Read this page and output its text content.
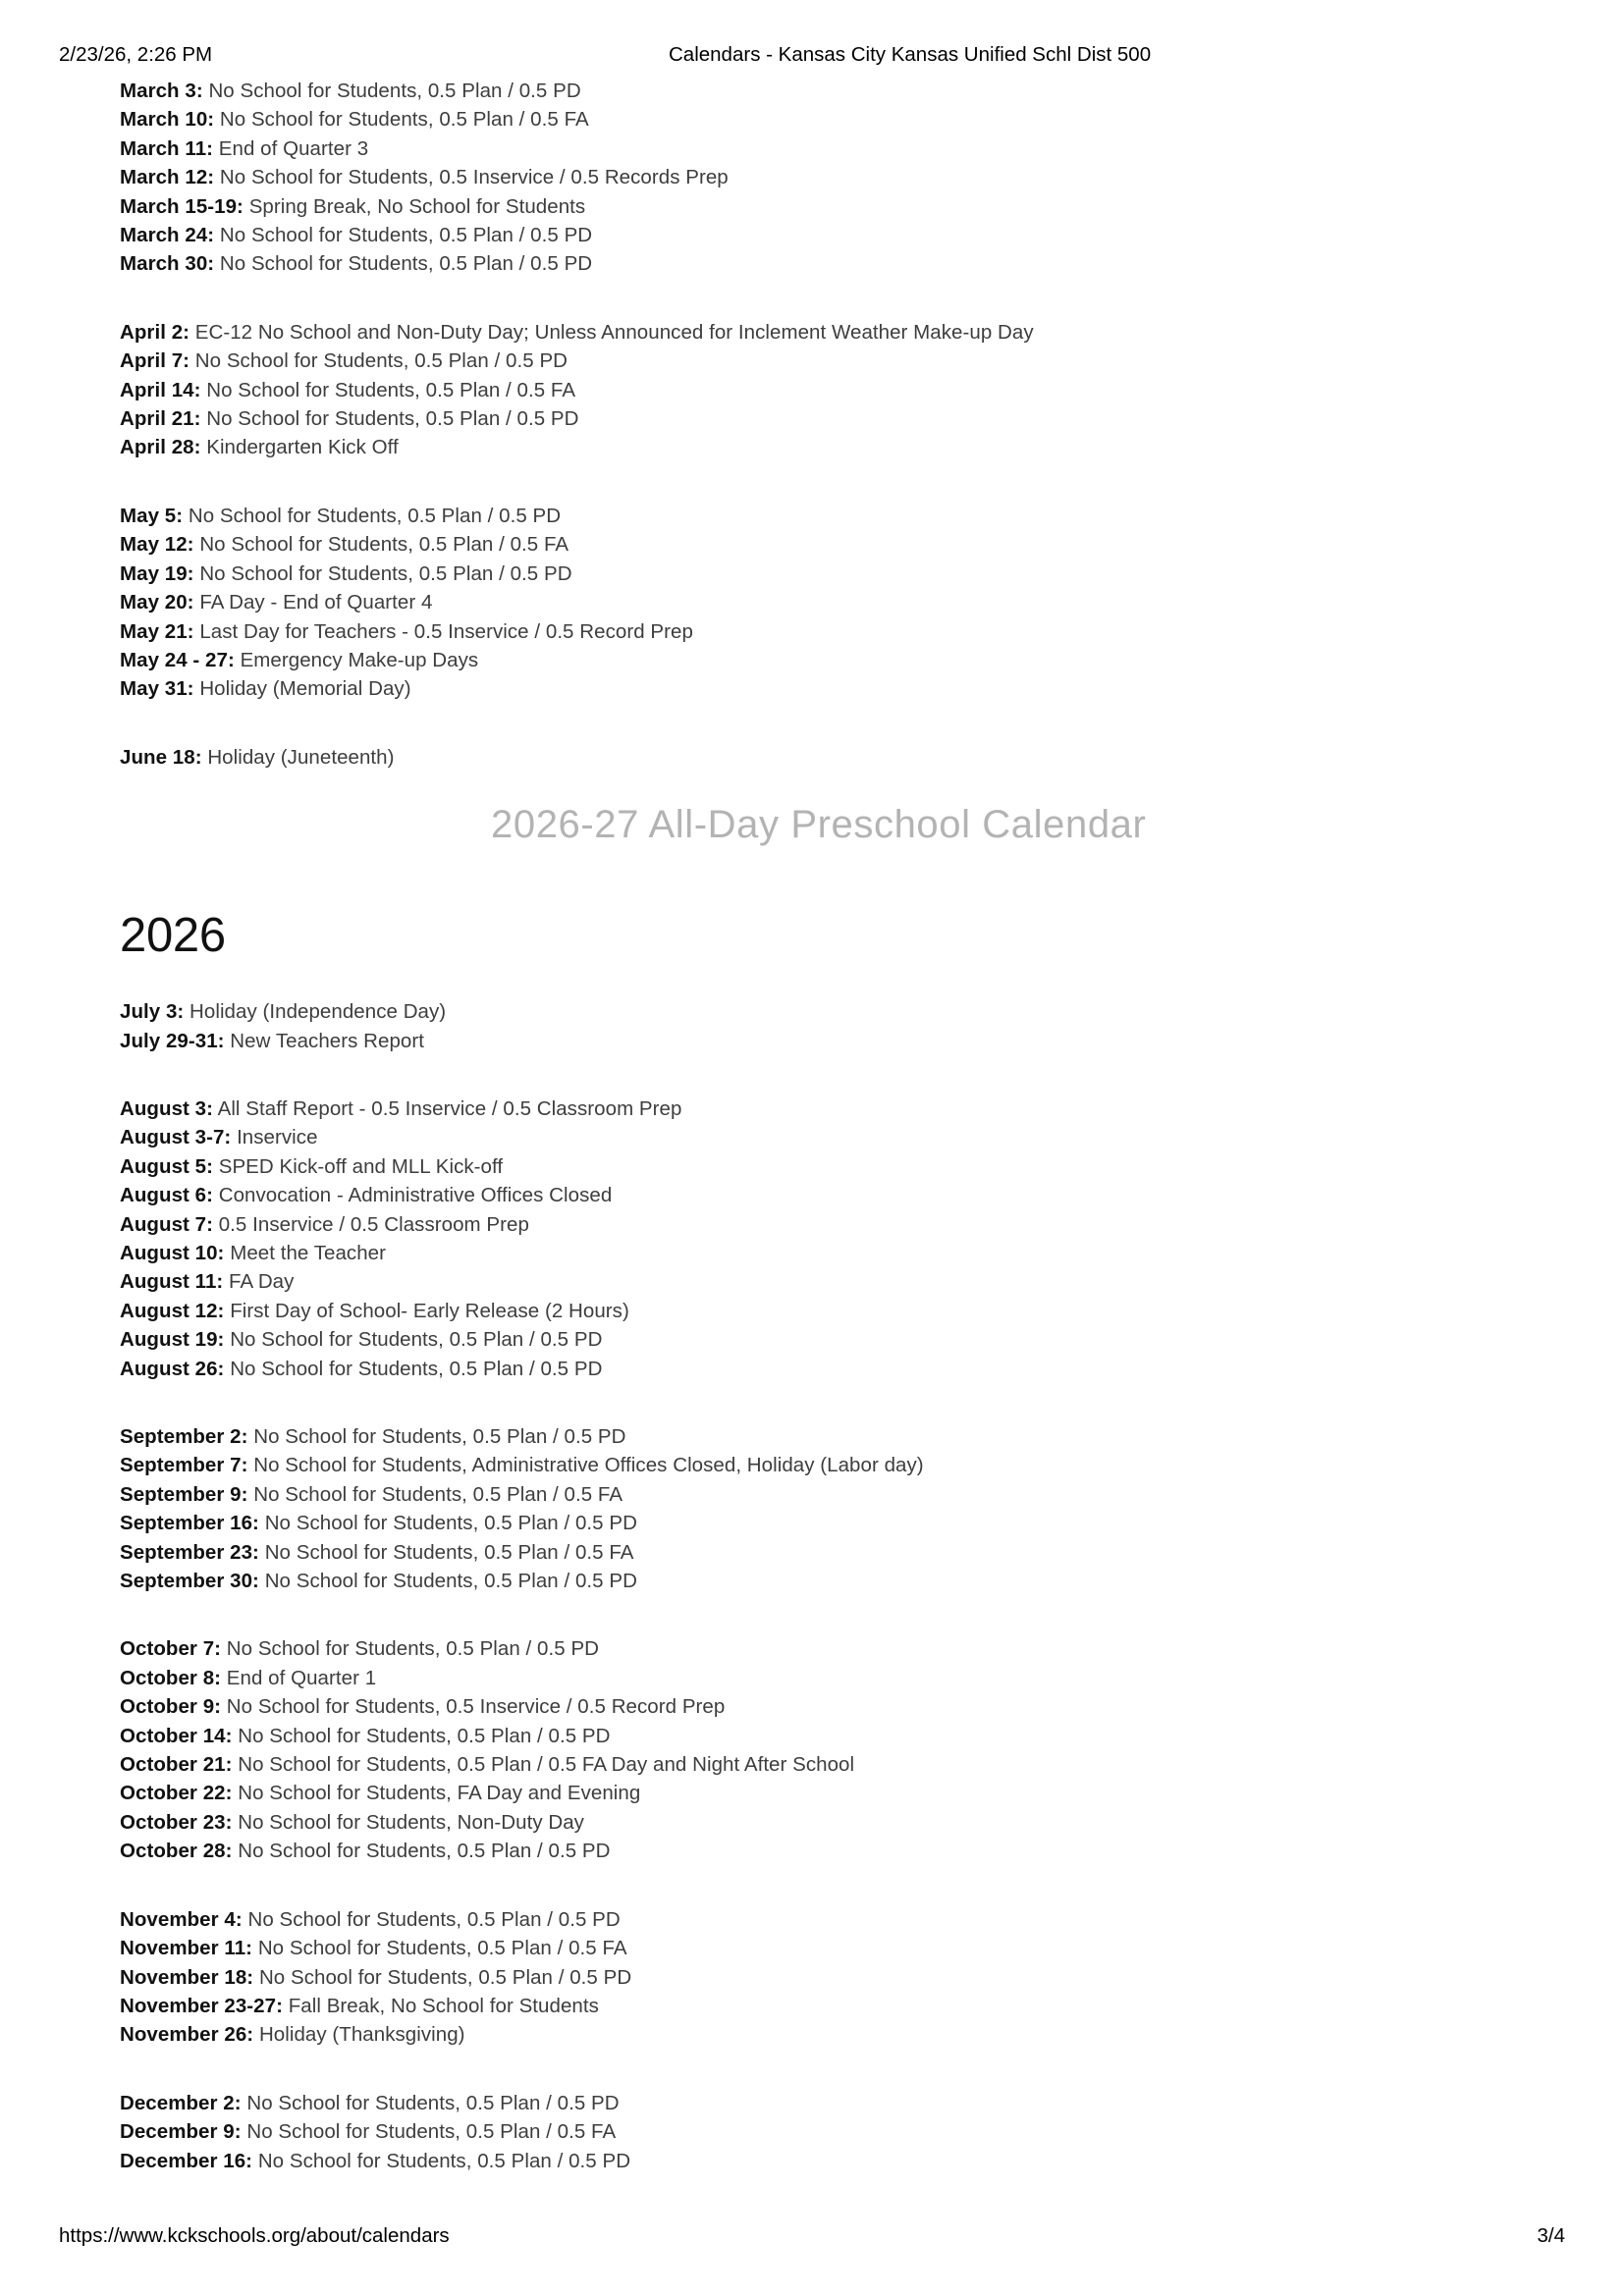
2/23/26, 2:26 PM	Calendars - Kansas City Kansas Unified Schl Dist 500
March 3: No School for Students, 0.5 Plan / 0.5 PD
March 10: No School for Students, 0.5 Plan / 0.5 FA
March 11: End of Quarter 3
March 12: No School for Students, 0.5 Inservice / 0.5 Records Prep
March 15-19: Spring Break, No School for Students
March 24: No School for Students, 0.5 Plan / 0.5 PD
March 30: No School for Students, 0.5 Plan / 0.5 PD
April 2: EC-12 No School and Non-Duty Day; Unless Announced for Inclement Weather Make-up Day
April 7: No School for Students, 0.5 Plan / 0.5 PD
April 14: No School for Students, 0.5 Plan / 0.5 FA
April 21: No School for Students, 0.5 Plan / 0.5 PD
April 28: Kindergarten Kick Off
May 5: No School for Students, 0.5 Plan / 0.5 PD
May 12: No School for Students, 0.5 Plan / 0.5 FA
May 19: No School for Students, 0.5 Plan / 0.5 PD
May 20: FA Day - End of Quarter 4
May 21: Last Day for Teachers - 0.5 Inservice / 0.5 Record Prep
May 24 - 27: Emergency Make-up Days
May 31: Holiday (Memorial Day)
June 18: Holiday (Juneteenth)
2026-27 All-Day Preschool Calendar
2026
July 3: Holiday (Independence Day)
July 29-31: New Teachers Report
August 3: All Staff Report - 0.5 Inservice / 0.5 Classroom Prep
August 3-7: Inservice
August 5: SPED Kick-off and MLL Kick-off
August 6: Convocation - Administrative Offices Closed
August 7: 0.5 Inservice / 0.5 Classroom Prep
August 10: Meet the Teacher
August 11: FA Day
August 12: First Day of School- Early Release (2 Hours)
August 19: No School for Students, 0.5 Plan / 0.5 PD
August 26: No School for Students, 0.5 Plan / 0.5 PD
September 2: No School for Students, 0.5 Plan / 0.5 PD
September 7: No School for Students, Administrative Offices Closed, Holiday (Labor day)
September 9: No School for Students, 0.5 Plan / 0.5 FA
September 16: No School for Students, 0.5 Plan / 0.5 PD
September 23: No School for Students, 0.5 Plan / 0.5 FA
September 30: No School for Students, 0.5 Plan / 0.5 PD
October 7: No School for Students, 0.5 Plan / 0.5 PD
October 8: End of Quarter 1
October 9: No School for Students, 0.5 Inservice / 0.5 Record Prep
October 14: No School for Students, 0.5 Plan / 0.5 PD
October 21: No School for Students, 0.5 Plan / 0.5 FA Day and Night After School
October 22: No School for Students, FA Day and Evening
October 23: No School for Students, Non-Duty Day
October 28: No School for Students, 0.5 Plan / 0.5 PD
November 4: No School for Students, 0.5 Plan / 0.5 PD
November 11: No School for Students, 0.5 Plan / 0.5 FA
November 18: No School for Students, 0.5 Plan / 0.5 PD
November 23-27: Fall Break, No School for Students
November 26: Holiday (Thanksgiving)
December 2: No School for Students, 0.5 Plan / 0.5 PD
December 9: No School for Students, 0.5 Plan / 0.5 FA
December 16: No School for Students, 0.5 Plan / 0.5 PD
https://www.kckschools.org/about/calendars	3/4
